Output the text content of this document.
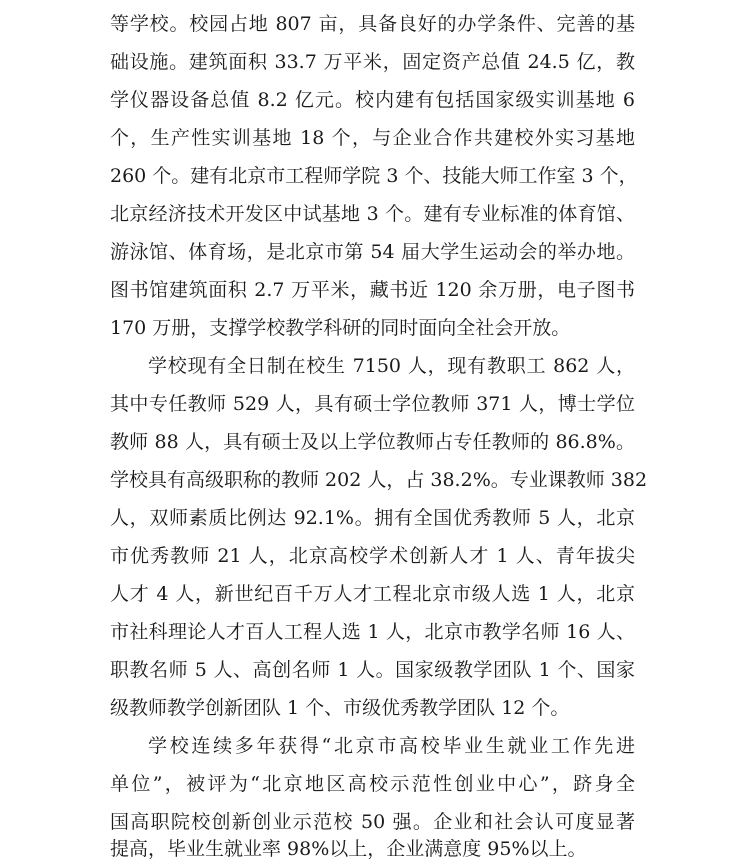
等学校。校园占地 807 亩，具备良好的办学条件、完善的基
础设施。建筑面积 33.7 万平米，固定资产总值 24.5 亿，教
学仪器设备总值 8.2 亿元。校内建有包括国家级实训基地 6
个，生产性实训基地 18 个，与企业合作共建校外实习基地
260 个。建有北京市工程师学院 3 个、技能大师工作室 3 个，
北京经济技术开发区中试基地 3 个。建有专业标准的体育馆、
游泳馆、体育场，是北京市第 54 届大学生运动会的举办地。
图书馆建筑面积 2.7 万平米，藏书近 120 余万册，电子图书
170 万册，支撑学校教学科研的同时面向全社会开放。
学校现有全日制在校生 7150 人，现有教职工 862 人，
其中专任教师 529 人，具有硕士学位教师 371 人，博士学位
教师 88 人，具有硕士及以上学位教师占专任教师的 86.8%。
学校具有高级职称的教师 202 人，占 38.2%。专业课教师 382
人，双师素质比例达 92.1%。拥有全国优秀教师 5 人，北京
市优秀教师 21 人，北京高校学术创新人才 1 人、青年拔尖
人才 4 人，新世纪百千万人才工程北京市级人选 1 人，北京
市社科理论人才百人工程人选 1 人，北京市教学名师 16 人、
职教名师 5 人、高创名师 1 人。国家级教学团队 1 个、国家
级教师教学创新团队 1 个、市级优秀教学团队 12 个。
学校连续多年获得“北京市高校毕业生就业工作先进
单位”，被评为“北京地区高校示范性创业中心”，跻身全
国高职院校创新创业示范校 50 强。企业和社会认可度显著
提高，毕业生就业率 98%以上，企业满意度 95%以上。
